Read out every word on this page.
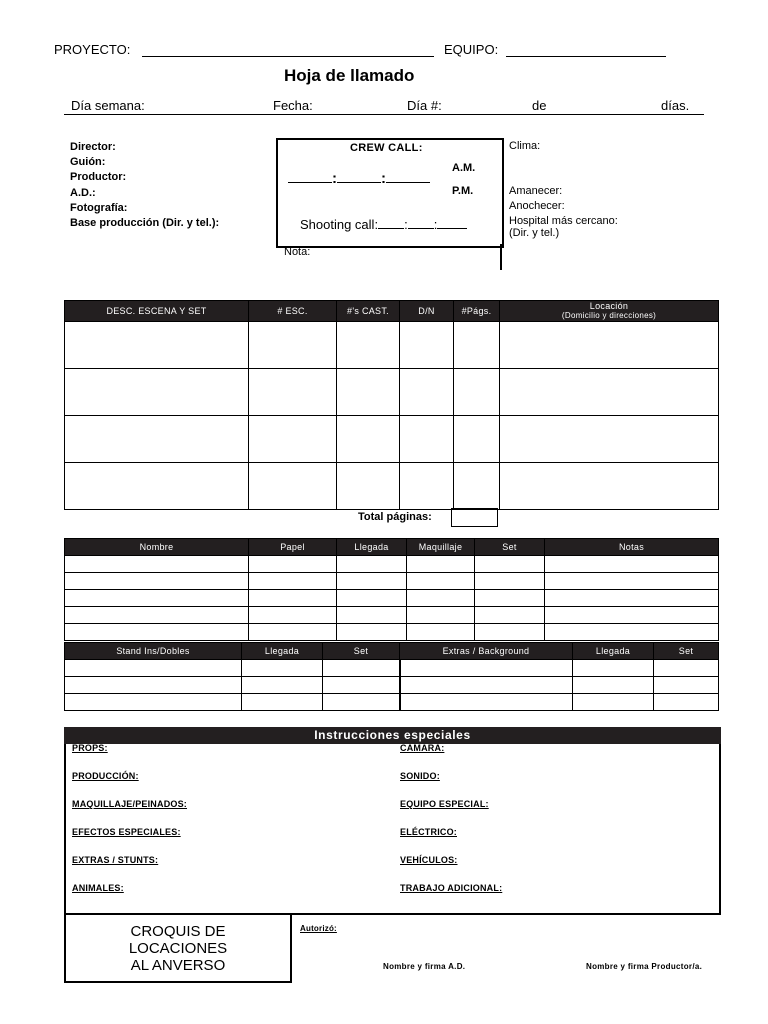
PROYECTO:	EQUIPO:
Hoja de llamado
Día semana:	Fecha:	Día #:	de	días.
Director:
Guión:
Productor:
A.D.:
Fotografía:
Base producción (Dir. y tel.):
CREW CALL:
A.M.
:	:
P.M.
Shooting call: : :
Nota:
Clima:
Amanecer:
Anochecer:
Hospital más cercano:
(Dir. y tel.)
DESC. ESCENA Y SET	# ESC.	#'s CAST.	D/N	#Págs.	Locación
(Domicilio y direcciones)

Total páginas:
Nombre	Papel	Llegada	Maquillaje	Set	Notas

Stand Ins/Dobles	Llegada	Set	Extras / Background	Llegada	Set

Instrucciones especiales
PROPS:
PRODUCCIÓN:
MAQUILLAJE/PEINADOS:
EFECTOS ESPECIALES:
EXTRAS / STUNTS:
ANIMALES:
CAMARA:
SONIDO:
EQUIPO ESPECIAL:
ELÉCTRICO:
VEHÍCULOS:
TRABAJO ADICIONAL:
CROQUIS DE
LOCACIONES
AL ANVERSO
Autorizó:
Nombre y firma A.D.	Nombre y firma Productor/a.
